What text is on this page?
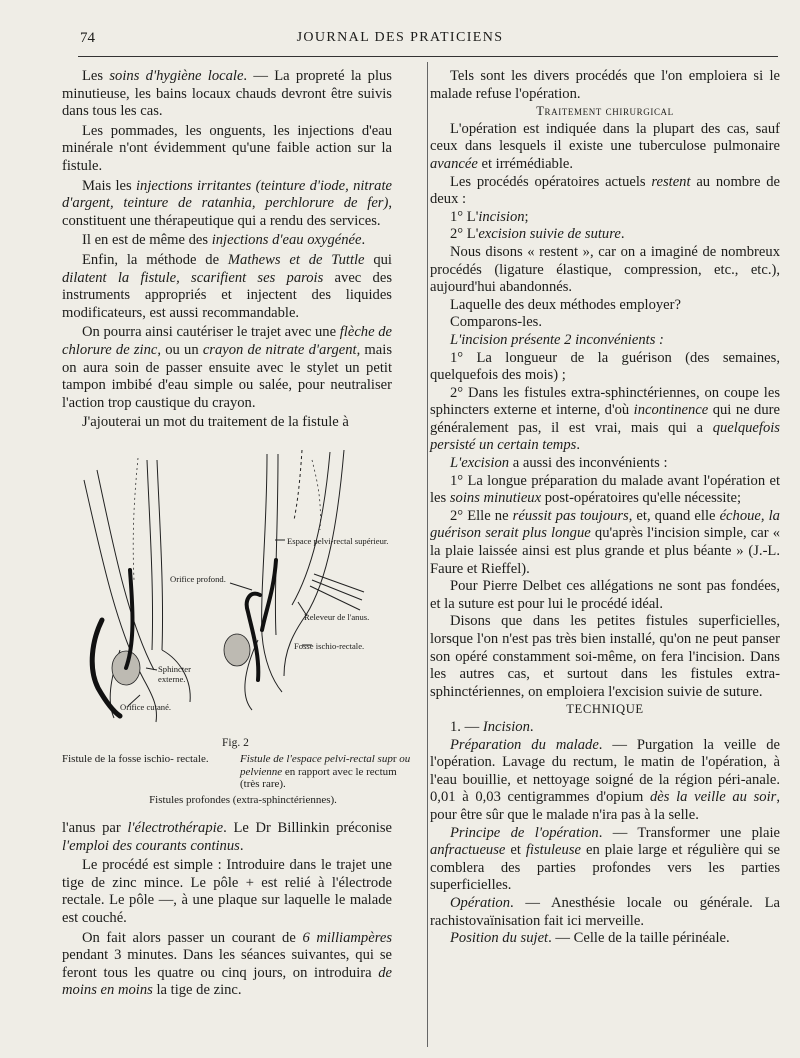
74	JOURNAL DES PRATICIENS

Les soins d'hygiène locale. — La propreté la plus minutieuse, les bains locaux chauds devront être suivis dans tous les cas.

Les pommades, les onguents, les injections d'eau minérale n'ont évidemment qu'une faible action sur la fistule.

Mais les injections irritantes (teinture d'iode, nitrate d'argent, teinture de ratanhia, perchlorure de fer), constituent une thérapeutique qui a rendu des services.

Il en est de même des injections d'eau oxygénée.

Enfin, la méthode de Mathews et de Tuttle qui dilatent la fistule, scarifient ses parois avec des instruments appropriés et injectent des liquides modificateurs, est aussi recommandable.

On pourra ainsi cautériser le trajet avec une flèche de chlorure de zinc, ou un crayon de nitrate d'argent, mais on aura soin de passer ensuite avec le stylet un petit tampon imbibé d'eau simple ou salée, pour neutraliser l'action trop caustique du crayon.

J'ajouterai un mot du traitement de la fistule à

Espace pelvi-rectal supérieur.
Orifice profond.
Releveur de l'anus.
Fosse ischio-rectale.
Sphincter externe.
Orifice cutané.
Fig. 2
Fistule de la fosse ischio- rectale.	Fistule de l'espace pelvi-rectal supr ou pelvienne en rapport avec le rectum (très rare).
Fistules profondes (extra-sphinctériennes).

l'anus par l'électrothérapie. Le Dr Billinkin préconise l'emploi des courants continus.

Le procédé est simple : Introduire dans le trajet une tige de zinc mince. Le pôle + est relié à l'électrode rectale. Le pôle —, à une plaque sur laquelle le malade est couché.

On fait alors passer un courant de 6 milliampères pendant 3 minutes. Dans les séances suivantes, qui se feront tous les quatre ou cinq jours, on introduira de moins en moins la tige de zinc.

Tels sont les divers procédés que l'on emploiera si le malade refuse l'opération.

Traitement chirurgical

L'opération est indiquée dans la plupart des cas, sauf ceux dans lesquels il existe une tuberculose pulmonaire avancée et irrémédiable.

Les procédés opératoires actuels restent au nombre de deux :

1° L'incision;

2° L'excision suivie de suture.

Nous disons « restent », car on a imaginé de nombreux procédés (ligature élastique, compression, etc., etc.), aujourd'hui abandonnés.

Laquelle des deux méthodes employer?

Comparons-les.

L'incision présente 2 inconvénients :

1° La longueur de la guérison (des semaines, quelquefois des mois) ;

2° Dans les fistules extra-sphinctériennes, on coupe les sphincters externe et interne, d'où incontinence qui ne dure généralement pas, il est vrai, mais qui a quelquefois persisté un certain temps.

L'excision a aussi des inconvénients :

1° La longue préparation du malade avant l'opération et les soins minutieux post-opératoires qu'elle nécessite;

2° Elle ne réussit pas toujours, et, quand elle échoue, la guérison serait plus longue qu'après l'incision simple, car « la plaie laissée ainsi est plus grande et plus béante » (J.-L. Faure et Rieffel).

Pour Pierre Delbet ces allégations ne sont pas fondées, et la suture est pour lui le procédé idéal.

Disons que dans les petites fistules superficielles, lorsque l'on n'est pas très bien installé, qu'on ne peut panser son opéré constamment soi-même, on fera l'incision. Dans les autres cas, et surtout dans les fistules extra-sphinctériennes, on emploiera l'excision suivie de suture.

TECHNIQUE

1. — Incision.

Préparation du malade. — Purgation la veille de l'opération. Lavage du rectum, le matin de l'opération, à l'eau bouillie, et nettoyage soigné de la région péri-anale. 0,01 à 0,03 centigrammes d'opium dès la veille au soir, pour être sûr que le malade n'ira pas à la selle.

Principe de l'opération. — Transformer une plaie anfractueuse et fistuleuse en plaie large et régulière qui se comblera des parties profondes vers les parties superficielles.

Opération. — Anesthésie locale ou générale. La rachistovaïnisation fait ici merveille.

Position du sujet. — Celle de la taille périnéale.
